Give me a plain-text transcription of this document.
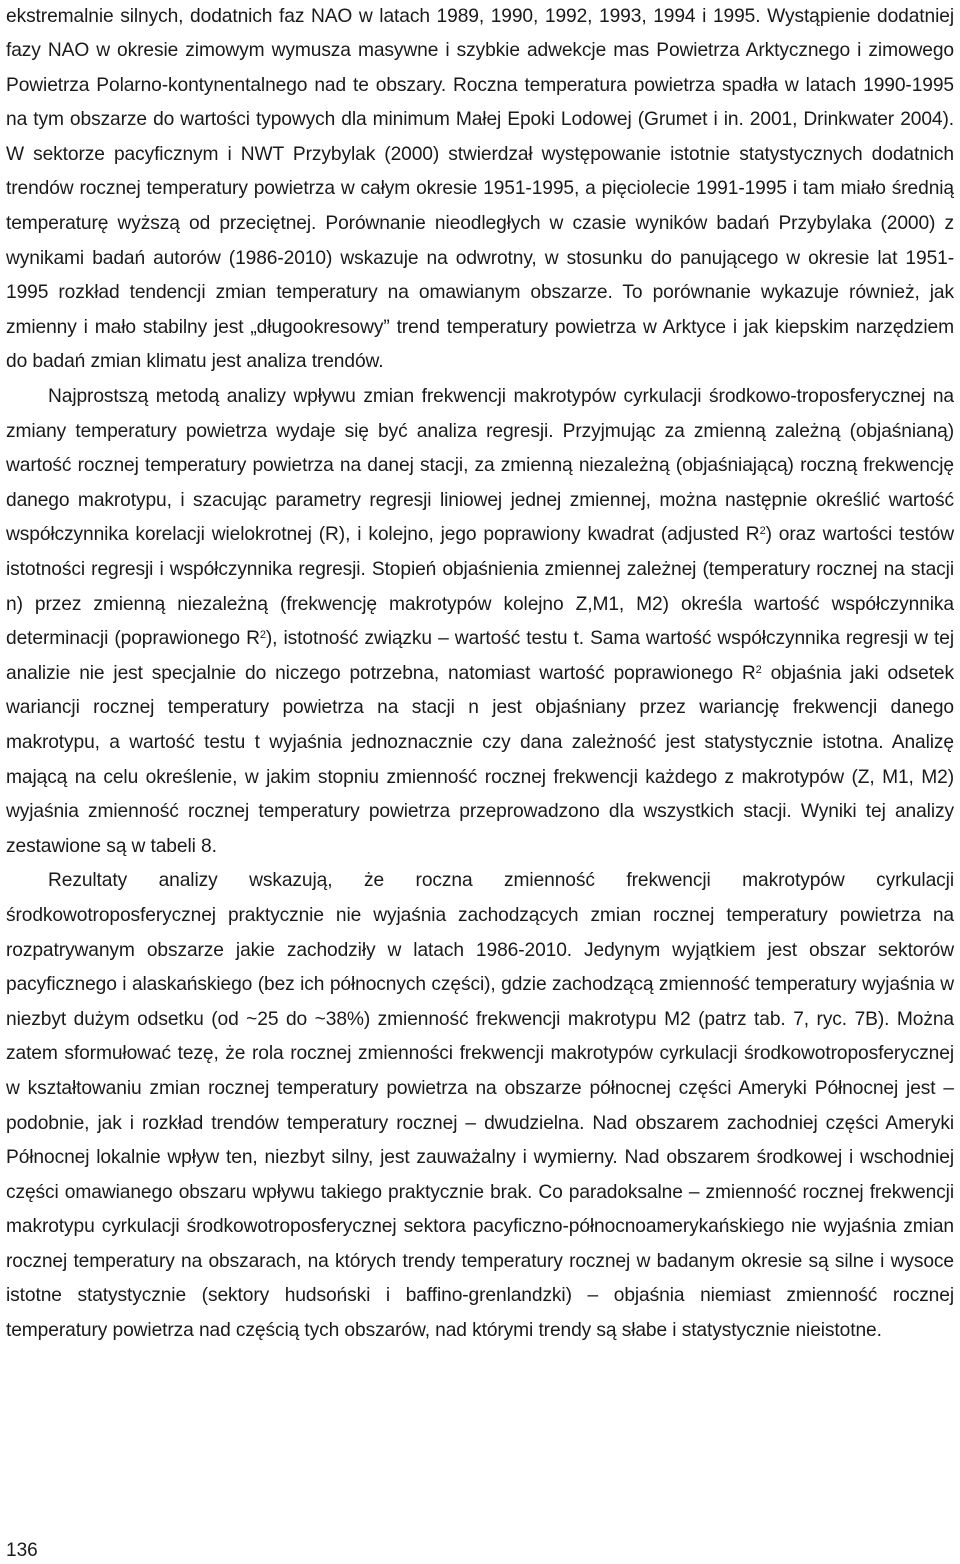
ekstremalnie silnych, dodatnich faz NAO w latach 1989, 1990, 1992, 1993, 1994 i 1995. Wystąpienie dodatniej fazy NAO w okresie zimowym wymusza masywne i szybkie adwekcje mas Powietrza Arktycznego i zimowego Powietrza Polarno-kontynentalnego nad te obszary. Roczna temperatura powietrza spadła w latach 1990-1995 na tym obszarze do wartości typowych dla minimum Małej Epoki Lodowej (Grumet i in. 2001, Drinkwater 2004). W sektorze pacyficznym i NWT Przybylak (2000) stwierdzał występowanie istotnie statystycznych dodatnich trendów rocznej temperatury powietrza w całym okresie 1951-1995, a pięciolecie 1991-1995 i tam miało średnią temperaturę wyższą od przeciętnej. Porównanie nieodległych w czasie wyników badań Przybylaka (2000) z wynikami badań autorów (1986-2010) wskazuje na odwrotny, w stosunku do panującego w okresie lat 1951-1995 rozkład tendencji zmian temperatury na omawianym obszarze. To porównanie wykazuje również, jak zmienny i mało stabilny jest „długookresowy” trend temperatury powietrza w Arktyce i jak kiepskim narzędziem do badań zmian klimatu jest analiza trendów.

Najprostszą metodą analizy wpływu zmian frekwencji makrotypów cyrkulacji środkowo-troposferycznej na zmiany temperatury powietrza wydaje się być analiza regresji. Przyjmując za zmienną zależną (objaśnianą) wartość rocznej temperatury powietrza na danej stacji, za zmienną niezależną (objaśniającą) roczną frekwencję danego makrotypu, i szacując parametry regresji liniowej jednej zmiennej, można następnie określić wartość współczynnika korelacji wielokrotnej (R), i kolejno, jego poprawiony kwadrat (adjusted $R^2$) oraz wartości testów istotności regresji i współczynnika regresji. Stopień objaśnienia zmiennej zależnej (temperatury rocznej na stacji n) przez zmienną niezależną (frekwencję makrotypów kolejno Z,M1, M2) określa wartość współczynnika determinacji (poprawionego $R^2$), istotność związku – wartość testu t. Sama wartość współczynnika regresji w tej analizie nie jest specjalnie do niczego potrzebna, natomiast wartość poprawionego $R^2$ objaśnia jaki odsetek wariancji rocznej temperatury powietrza na stacji n jest objaśniany przez wariancję frekwencji danego makrotypu, a wartość testu t wyjaśnia jednoznacznie czy dana zależność jest statystycznie istotna. Analizę mającą na celu określenie, w jakim stopniu zmienność rocznej frekwencji każdego z makrotypów (Z, M1, M2) wyjaśnia zmienność rocznej temperatury powietrza przeprowadzono dla wszystkich stacji. Wyniki tej analizy zestawione są w tabeli 8.

Rezultaty analizy wskazują, że roczna zmienność frekwencji makrotypów cyrkulacji środkowotroposferycznej praktycznie nie wyjaśnia zachodzących zmian rocznej temperatury powietrza na rozpatrywanym obszarze jakie zachodziły w latach 1986-2010. Jedynym wyjątkiem jest obszar sektorów pacyficznego i alaskańskiego (bez ich północnych części), gdzie zachodzącą zmienność temperatury wyjaśnia w niezbyt dużym odsetku (od ~25 do ~38%) zmienność frekwencji makrotypu M2 (patrz tab. 7, ryc. 7B). Można zatem sformułować tezę, że rola rocznej zmienności frekwencji makrotypów cyrkulacji środkowotroposferycznej w kształtowaniu zmian rocznej temperatury powietrza na obszarze północnej części Ameryki Północnej jest – podobnie, jak i rozkład trendów temperatury rocznej – dwudzielna. Nad obszarem zachodniej części Ameryki Północnej lokalnie wpływ ten, niezbyt silny, jest zauważalny i wymierny. Nad obszarem środkowej i wschodniej części omawianego obszaru wpływu takiego praktycznie brak. Co paradoksalne – zmienność rocznej frekwencji makrotypu cyrkulacji środkowotroposferycznej sektora pacyficzno-północnoamerykańskiego nie wyjaśnia zmian rocznej temperatury na obszarach, na których trendy temperatury rocznej w badanym okresie są silne i wysoce istotne statystycznie (sektory hudsoński i baffino-grenlandzki) – objaśnia niemiast zmienność rocznej temperatury powietrza nad częścią tych obszarów, nad którymi trendy są słabe i statystycznie nieistotne.

136
